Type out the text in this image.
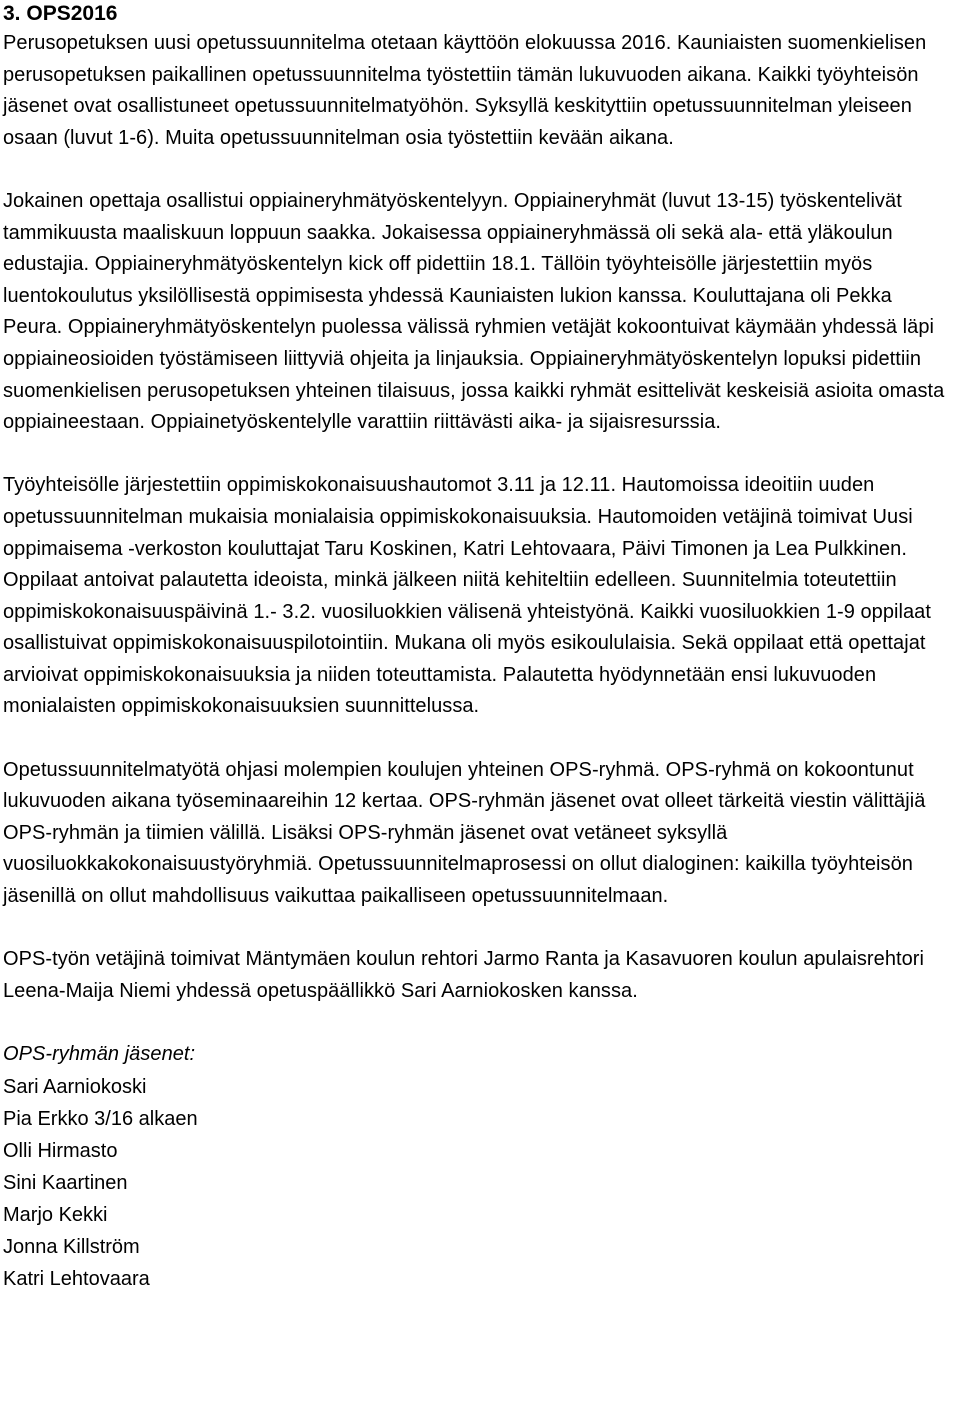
3. OPS2016

Perusopetuksen uusi opetussuunnitelma otetaan käyttöön elokuussa 2016. Kauniaisten suomenkielisen perusopetuksen paikallinen opetussuunnitelma työstettiin tämän lukuvuoden aikana. Kaikki työyhteisön jäsenet ovat osallistuneet opetussuunnitelmatyöhön. Syksyllä keskityttiin opetussuunnitelman yleiseen osaan (luvut 1-6). Muita opetussuunnitelman osia työstettiin kevään aikana.

Jokainen opettaja osallistui oppiaineryhmätyöskentelyyn. Oppiaineryhmät (luvut 13-15) työskentelivät tammikuusta maaliskuun loppuun saakka. Jokaisessa oppiaineryhmässä oli sekä ala- että yläkoulun edustajia. Oppiaineryhmätyöskentelyn kick off pidettiin 18.1. Tällöin työyhteisölle järjestettiin myös luentokoulutus yksilöllisestä oppimisesta yhdessä Kauniaisten lukion kanssa. Kouluttajana oli Pekka Peura. Oppiaineryhmätyöskentelyn puolessa välissä ryhmien vetäjät kokoontuivat käymään yhdessä läpi oppiaineosioiden työstämiseen liittyviä ohjeita ja linjauksia. Oppiaineryhmätyöskentelyn lopuksi pidettiin suomenkielisen perusopetuksen yhteinen tilaisuus, jossa kaikki ryhmät esittelivät keskeisiä asioita omasta oppiaineestaan. Oppiainetyöskentelylle varattiin riittävästi aika- ja sijaisresurssia.

Työyhteisölle järjestettiin oppimiskokonaisuushautomot 3.11 ja 12.11. Hautomoissa ideoitiin uuden opetussuunnitelman mukaisia monialaisia oppimiskokonaisuuksia. Hautomoiden vetäjinä toimivat Uusi oppimaisema -verkoston kouluttajat Taru Koskinen, Katri Lehtovaara, Päivi Timonen ja Lea Pulkkinen. Oppilaat antoivat palautetta ideoista, minkä jälkeen niitä kehiteltiin edelleen. Suunnitelmia toteutettiin oppimiskokonaisuuspäivinä 1.- 3.2. vuosiluokkien välisenä yhteistyönä. Kaikki vuosiluokkien 1-9 oppilaat osallistuivat oppimiskokonaisuuspilotointiin. Mukana oli myös esikoululaisia. Sekä oppilaat että opettajat arvioivat oppimiskokonaisuuksia ja niiden toteuttamista. Palautetta hyödynnetään ensi lukuvuoden monialaisten oppimiskokonaisuuksien suunnittelussa.

Opetussuunnitelmatyötä ohjasi molempien koulujen yhteinen OPS-ryhmä. OPS-ryhmä on kokoontunut lukuvuoden aikana työseminaareihin 12 kertaa. OPS-ryhmän jäsenet ovat olleet tärkeitä viestin välittäjiä OPS-ryhmän ja tiimien välillä. Lisäksi OPS-ryhmän jäsenet ovat vetäneet syksyllä vuosiluokkakokonaisuustyöryhmiä. Opetussuunnitelmaprosessi on ollut dialoginen: kaikilla työyhteisön jäsenillä on ollut mahdollisuus vaikuttaa paikalliseen opetussuunnitelmaan.

OPS-työn vetäjinä toimivat Mäntymäen koulun rehtori Jarmo Ranta ja Kasavuoren koulun apulaisrehtori Leena-Maija Niemi yhdessä opetuspäällikkö Sari Aarniokosken kanssa.

OPS-ryhmän jäsenet:

Sari Aarniokoski
Pia Erkko 3/16 alkaen
Olli Hirmasto
Sini Kaartinen
Marjo Kekki
Jonna Killström
Katri Lehtovaara
